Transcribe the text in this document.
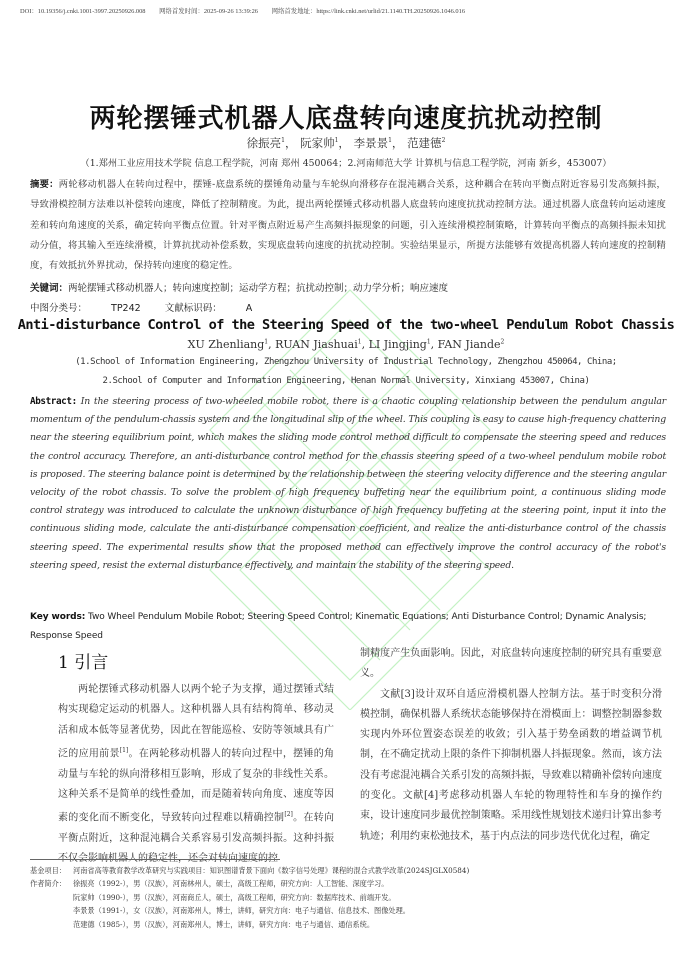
DOI：10.19356/j.cnki.1001-3997.20250926.008 网络首发时间：2025-09-26 13:39:26 网络首发地址：https://link.cnki.net/urlid/21.1140.TH.20250926.1046.016
两轮摆锤式机器人底盘转向速度抗扰动控制
徐振亮$^1$， 阮家帅$^1$， 李景景$^1$， 范建德$^2$
（1.郑州工业应用技术学院 信息工程学院，河南 郑州 450064；2.河南师范大学 计算机与信息工程学院，河南 新乡，453007）
摘要：两轮移动机器人在转向过程中，摆锤-底盘系统的摆锤角动量与车轮纵向滑移存在混沌耦合关系，这种耦合在转向平衡点附近容易引发高频抖振，导致滑模控制方法难以补偿转向速度，降低了控制精度。为此，提出两轮摆锤式移动机器人底盘转向速度抗扰动控制方法。通过机器人底盘转向运动速度差和转向角速度的关系，确定转向平衡点位置。针对平衡点附近易产生高频抖振现象的问题，引入连续滑模控制策略，计算转向平衡点的高频抖振未知扰动分值，将其输入至连续滑模，计算抗扰动补偿系数，实现底盘转向速度的抗扰动控制。实验结果显示，所提方法能够有效提高机器人转向速度的控制精度，有效抵抗外界扰动，保持转向速度的稳定性。
关键词：两轮摆锤式移动机器人；转向速度控制；运动学方程；抗扰动控制；动力学分析；响应速度
中图分类号：	TP242	文献标识码：	A
Anti-disturbance Control of the Steering Speed of the two-wheel Pendulum Robot Chassis
XU Zhenliang$^1$, RUAN Jiashuai$^1$, LI Jingjing$^1$, FAN Jiande$^2$
(1.School of Information Engineering, Zhengzhou University of Industrial Technology, Zhengzhou 450064, China;
2.School of Computer and Information Engineering, Henan Normal University, Xinxiang 453007, China)
Abstract: In the steering process of two-wheeled mobile robot, there is a chaotic coupling relationship between the pendulum angular momentum of the pendulum-chassis system and the longitudinal slip of the wheel. This coupling is easy to cause high-frequency chattering near the steering equilibrium point, which makes the sliding mode control method difficult to compensate the steering speed and reduces the control accuracy. Therefore, an anti-disturbance control method for the chassis steering speed of a two-wheel pendulum mobile robot is proposed. The steering balance point is determined by the relationship between the steering velocity difference and the steering angular velocity of the robot chassis. To solve the problem of high frequency buffeting near the equilibrium point, a continuous sliding mode control strategy was introduced to calculate the unknown disturbance of high frequency buffeting at the steering point, input it into the continuous sliding mode, calculate the anti-disturbance compensation coefficient, and realize the anti-disturbance control of the chassis steering speed. The experimental results show that the proposed method can effectively improve the control accuracy of the robot's steering speed, resist the external disturbance effectively, and maintain the stability of the steering speed.
Key words: Two Wheel Pendulum Mobile Robot; Steering Speed Control; Kinematic Equations; Anti Disturbance Control; Dynamic Analysis; Response Speed
1 引言

两轮摆锤式移动机器人以两个轮子为支撑，通过摆锤式结构实现稳定运动的机器人。这种机器人具有结构简单、移动灵活和成本低等显著优势，因此在智能巡检、安防等领域具有广泛的应用前景[1]。在两轮移动机器人的转向过程中，摆锤的角动量与车轮的纵向滑移相互影响，形成了复杂的非线性关系。这种关系不是简单的线性叠加，而是随着转向角度、速度等因素的变化而不断变化，导致转向过程难以精确控制[2]。在转向平衡点附近，这种混沌耦合关系容易引发高频抖振。这种抖振不仅会影响机器人的稳定性，还会对转向速度的控

制精度产生负面影响。因此，对底盘转向速度控制的研究具有重要意义。

文献[3]设计双环自适应滑模机器人控制方法。基于时变积分滑模控制，确保机器人系统状态能够保持在滑模面上：调整控制器参数实现内外环位置姿态误差的收敛；引入基于势垒函数的增益调节机制，在不确定扰动上限的条件下抑制机器人抖振现象。然而，该方法没有考虑混沌耦合关系引发的高频抖振，导致难以精确补偿转向速度的变化。文献[4]考虑移动机器人车轮的物理特性和车身的操作约束，设计速度同步最优控制策略。采用线性规划技术递归计算出参考轨迹；利用约束松弛技术，基于内点法的同步迭代优化过程，确定

基金项目： 河南省高等教育教学改革研究与实践项目：知识图谱背景下面向《数字信号处理》课程的混合式教学改革(2024SJGLX0584)
作者简介： 徐振亮（1992-），男（汉族），河南林州人，硕士，高级工程师，研究方向：人工智能、深度学习。
阮家帅（1990-），男（汉族），河南商丘人，硕士，高级工程师，研究方向：数据库技术、前端开发。
李景景（1991-），女（汉族），河南郑州人，博士，讲师，研究方向：电子与通信、信息技术、图像处理。
范建德（1985-），男（汉族），河南郑州人，博士，讲师，研究方向：电子与通信、通信系统。
